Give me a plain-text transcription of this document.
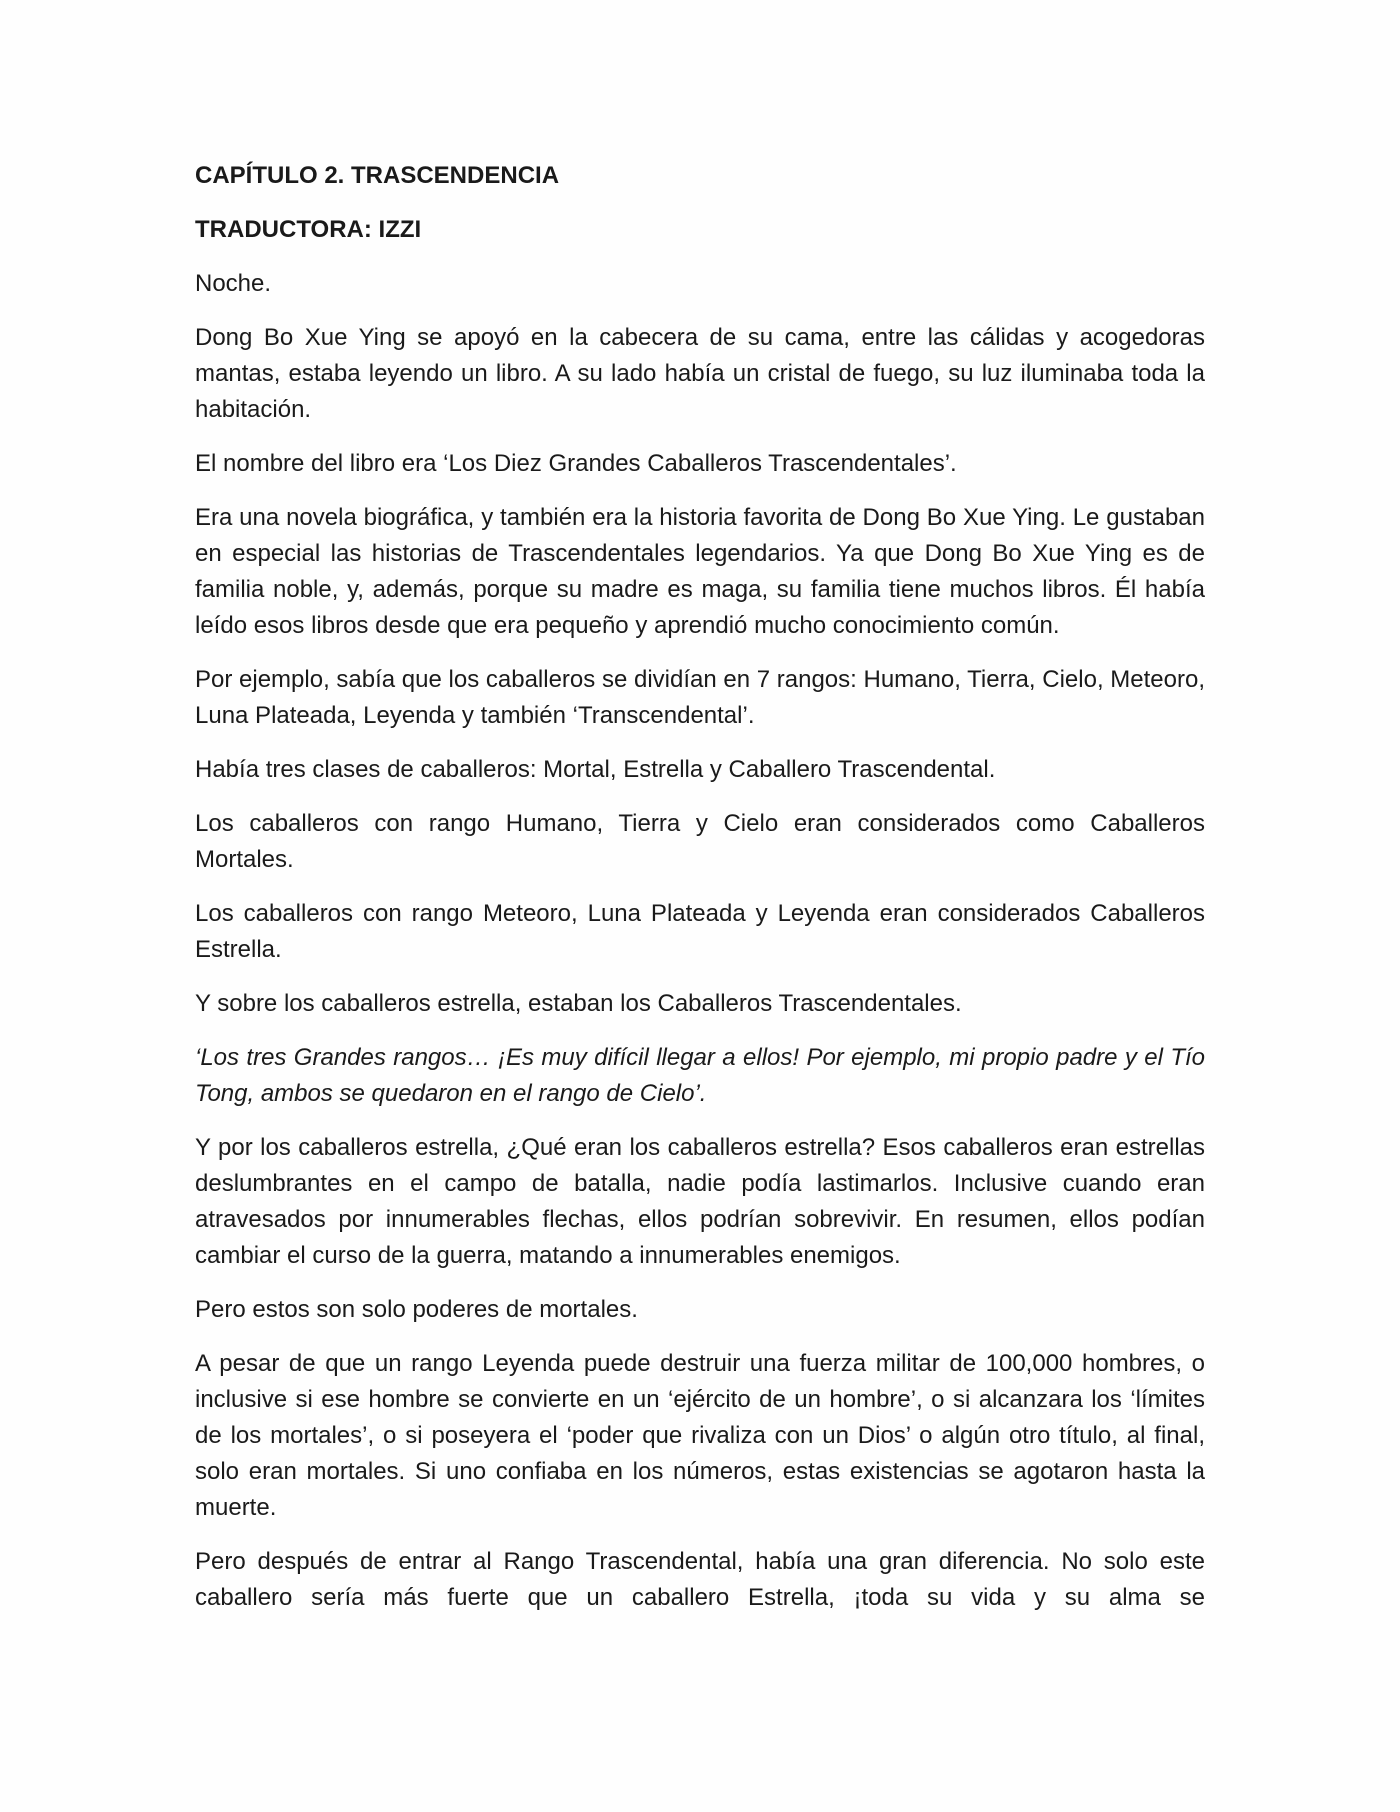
CAPÍTULO 2. TRASCENDENCIA

TRADUCTORA: IZZI

Noche.

Dong Bo Xue Ying se apoyó en la cabecera de su cama, entre las cálidas y acogedoras mantas, estaba leyendo un libro. A su lado había un cristal de fuego, su luz iluminaba toda la habitación.

El nombre del libro era ‘Los Diez Grandes Caballeros Trascendentales’.

Era una novela biográfica, y también era la historia favorita de Dong Bo Xue Ying. Le gustaban en especial las historias de Trascendentales legendarios. Ya que Dong Bo Xue Ying es de familia noble, y, además, porque su madre es maga, su familia tiene muchos libros. Él había leído esos libros desde que era pequeño y aprendió mucho conocimiento común.

Por ejemplo, sabía que los caballeros se dividían en 7 rangos: Humano, Tierra, Cielo, Meteoro, Luna Plateada, Leyenda y también ‘Transcendental’.

Había tres clases de caballeros: Mortal, Estrella y Caballero Trascendental.

Los caballeros con rango Humano, Tierra y Cielo eran considerados como Caballeros Mortales.

Los caballeros con rango Meteoro, Luna Plateada y Leyenda eran considerados Caballeros Estrella.

Y sobre los caballeros estrella, estaban los Caballeros Trascendentales.

‘Los tres Grandes rangos… ¡Es muy difícil llegar a ellos! Por ejemplo, mi propio padre y el Tío Tong, ambos se quedaron en el rango de Cielo’.

Y por los caballeros estrella, ¿Qué eran los caballeros estrella? Esos caballeros eran estrellas deslumbrantes en el campo de batalla, nadie podía lastimarlos. Inclusive cuando eran atravesados por innumerables flechas, ellos podrían sobrevivir. En resumen, ellos podían cambiar el curso de la guerra, matando a innumerables enemigos.

Pero estos son solo poderes de mortales.

A pesar de que un rango Leyenda puede destruir una fuerza militar de 100,000 hombres, o inclusive si ese hombre se convierte en un ‘ejército de un hombre’, o si alcanzara los ‘límites de los mortales’, o si poseyera el ‘poder que rivaliza con un Dios’ o algún otro título, al final, solo eran mortales. Si uno confiaba en los números, estas existencias se agotaron hasta la muerte.

Pero después de entrar al Rango Trascendental, había una gran diferencia. No solo este caballero sería más fuerte que un caballero Estrella, ¡toda su vida y su alma se
